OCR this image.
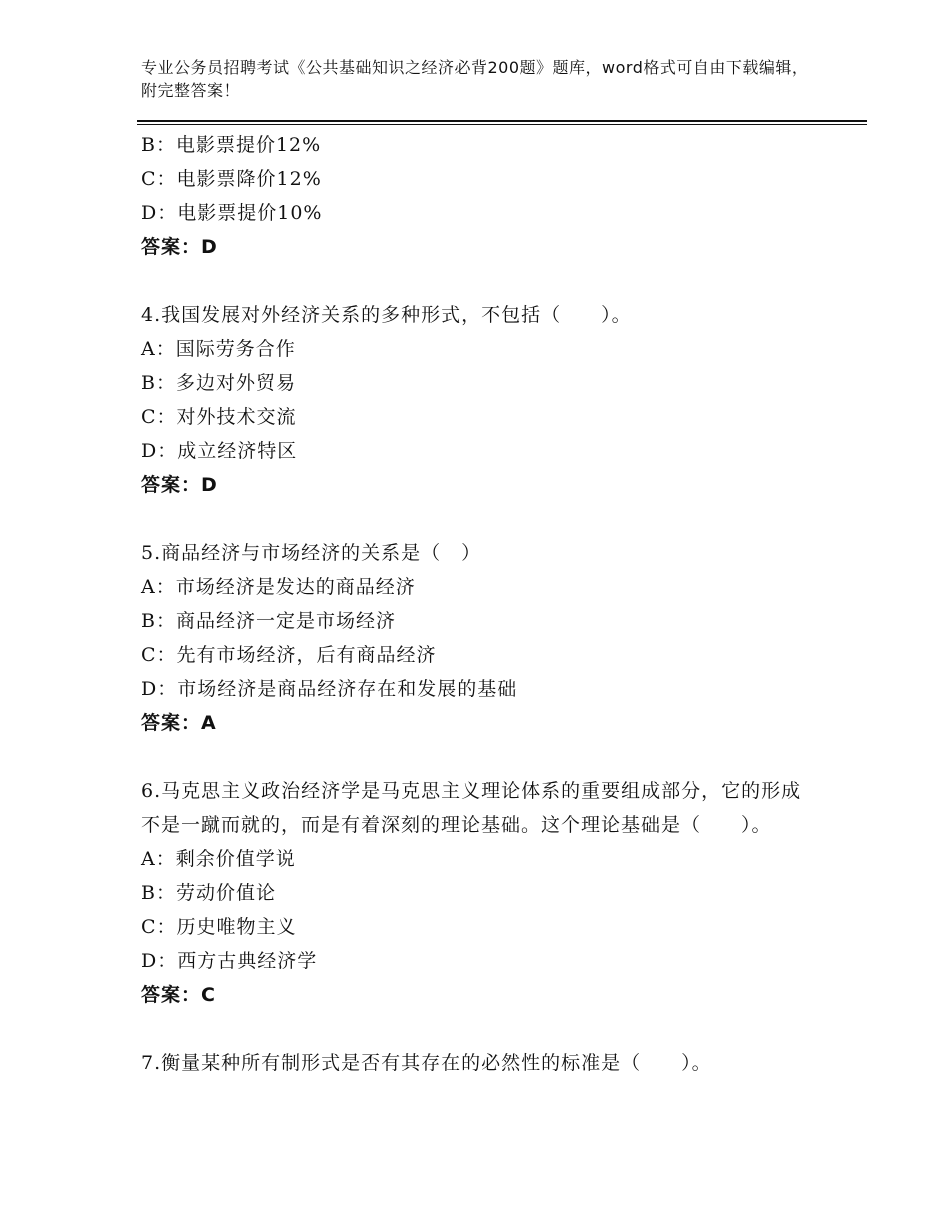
专业公务员招聘考试《公共基础知识之经济必背200题》题库，word格式可自由下载编辑，附完整答案！
B：电影票提价12%
C：电影票降价12%
D：电影票提价10%
答案：D
4.我国发展对外经济关系的多种形式，不包括（　　）。
A：国际劳务合作
B：多边对外贸易
C：对外技术交流
D：成立经济特区
答案：D
5.商品经济与市场经济的关系是（　）
A：市场经济是发达的商品经济
B：商品经济一定是市场经济
C：先有市场经济，后有商品经济
D：市场经济是商品经济存在和发展的基础
答案：A
6.马克思主义政治经济学是马克思主义理论体系的重要组成部分，它的形成不是一蹴而就的，而是有着深刻的理论基础。这个理论基础是（　　）。
A：剩余价值学说
B：劳动价值论
C：历史唯物主义
D：西方古典经济学
答案：C
7.衡量某种所有制形式是否有其存在的必然性的标准是（　　）。
